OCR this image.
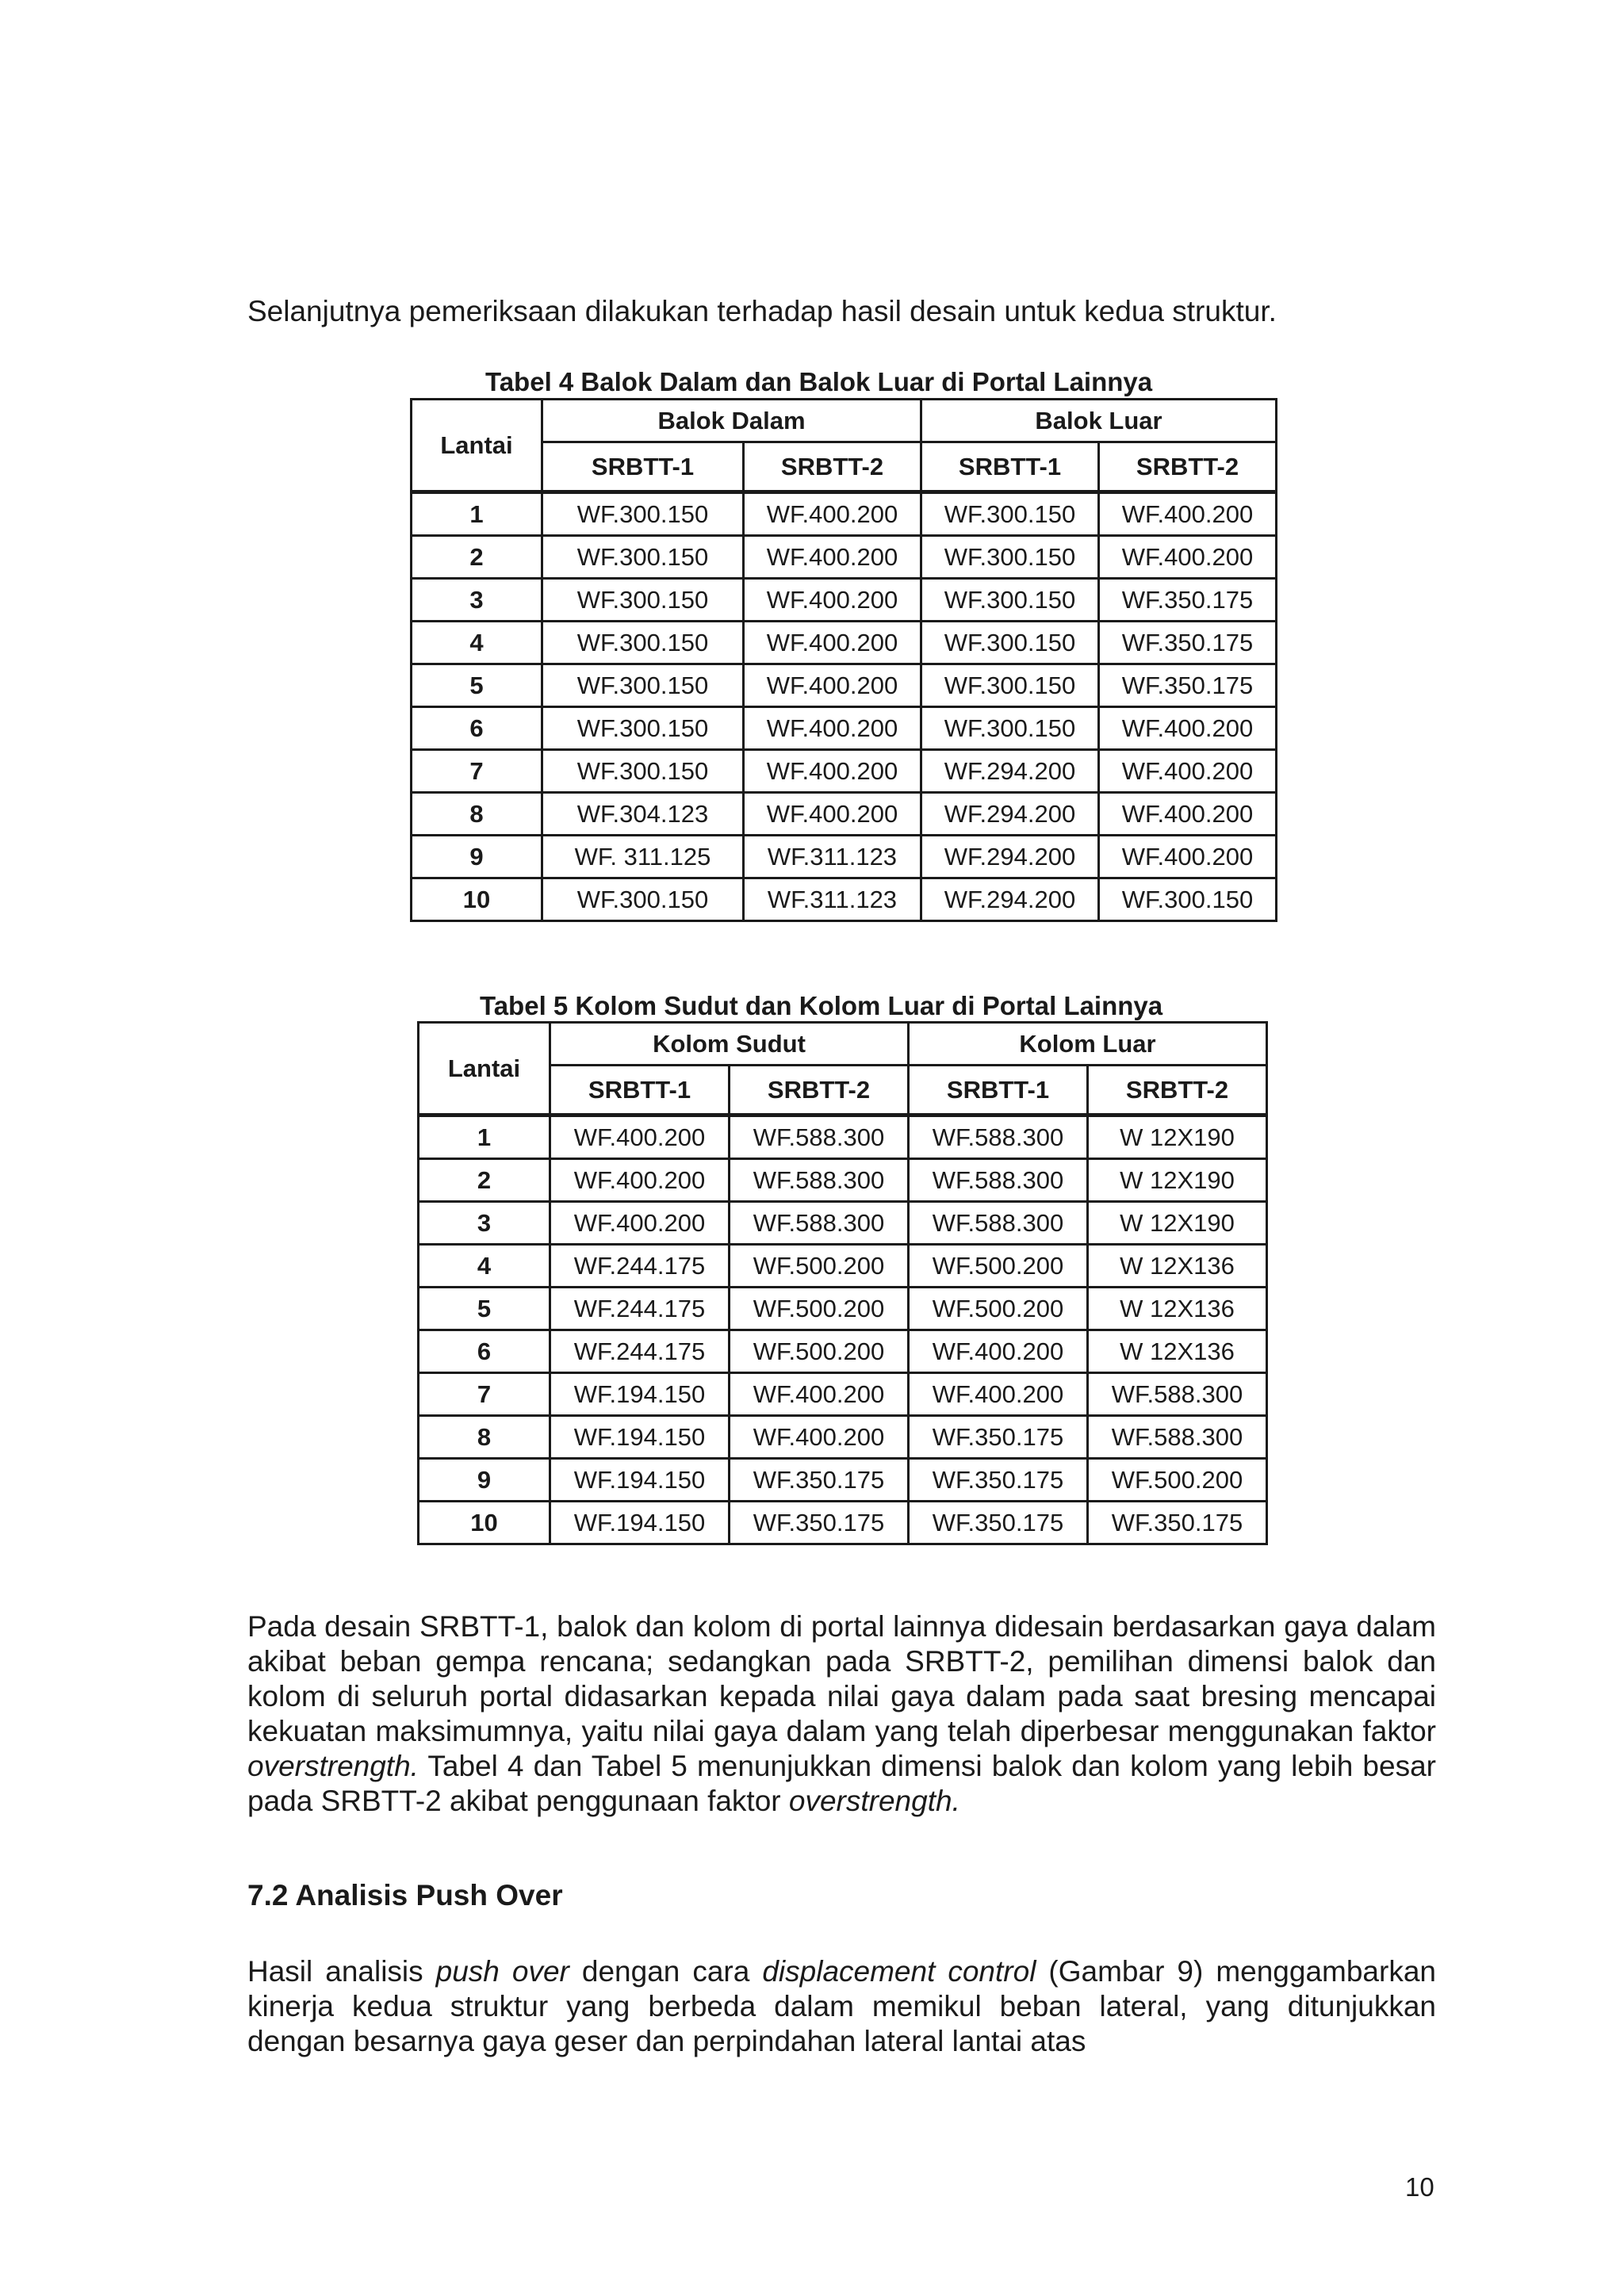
Selanjutnya pemeriksaan dilakukan terhadap hasil desain untuk kedua struktur.

Tabel 4 Balok Dalam dan Balok Luar di Portal Lainnya
Lantai	Balok Dalam		Balok Luar	
	SRBTT-1	SRBTT-2	SRBTT-1	SRBTT-2
1	WF.300.150	WF.400.200	WF.300.150	WF.400.200
2	WF.300.150	WF.400.200	WF.300.150	WF.400.200
3	WF.300.150	WF.400.200	WF.300.150	WF.350.175
4	WF.300.150	WF.400.200	WF.300.150	WF.350.175
5	WF.300.150	WF.400.200	WF.300.150	WF.350.175
6	WF.300.150	WF.400.200	WF.300.150	WF.400.200
7	WF.300.150	WF.400.200	WF.294.200	WF.400.200
8	WF.304.123	WF.400.200	WF.294.200	WF.400.200
9	WF. 311.125	WF.311.123	WF.294.200	WF.400.200
10	WF.300.150	WF.311.123	WF.294.200	WF.300.150
Tabel 5 Kolom Sudut dan Kolom Luar di Portal Lainnya
Lantai	Kolom Sudut		Kolom Luar	
	SRBTT-1	SRBTT-2	SRBTT-1	SRBTT-2
1	WF.400.200	WF.588.300	WF.588.300	W 12X190
2	WF.400.200	WF.588.300	WF.588.300	W 12X190
3	WF.400.200	WF.588.300	WF.588.300	W 12X190
4	WF.244.175	WF.500.200	WF.500.200	W 12X136
5	WF.244.175	WF.500.200	WF.500.200	W 12X136
6	WF.244.175	WF.500.200	WF.400.200	W 12X136
7	WF.194.150	WF.400.200	WF.400.200	WF.588.300
8	WF.194.150	WF.400.200	WF.350.175	WF.588.300
9	WF.194.150	WF.350.175	WF.350.175	WF.500.200
10	WF.194.150	WF.350.175	WF.350.175	WF.350.175

Pada desain SRBTT-1, balok dan kolom di portal lainnya didesain berdasarkan gaya dalam akibat beban gempa rencana; sedangkan pada SRBTT-2, pemilihan dimensi balok dan kolom di seluruh portal didasarkan kepada nilai gaya dalam pada saat bresing mencapai kekuatan maksimumnya, yaitu nilai gaya dalam yang telah diperbesar menggunakan faktor overstrength. Tabel 4 dan Tabel 5 menunjukkan dimensi balok dan kolom yang lebih besar pada SRBTT-2 akibat penggunaan faktor overstrength.

7.2 Analisis Push Over

Hasil analisis push over dengan cara displacement control (Gambar 9) menggambarkan kinerja kedua struktur yang berbeda dalam memikul beban lateral, yang ditunjukkan dengan besarnya gaya geser dan perpindahan lateral lantai atas

10
